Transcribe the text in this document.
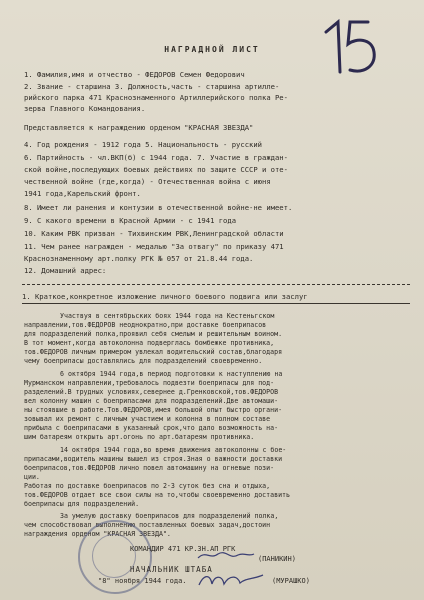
НАГРАДНОЙ ЛИСТ
1. Фамилия,имя и отчество - ФЕДОРОВ Семен Федорович
2. Звание - старшина 3. Должность,часть - старшина артилле-
рийского парка 471 Краснознаменного Артиллерийского полка Ре-
зерва Главного Командования.
Представляется к награждению орденом "КРАСНАЯ ЗВЕЗДА"
4. Год рождения - 1912 года 5. Национальность - русский
6. Партийность - чл.ВКП(б) с 1944 года. 7. Участие в граждан-
ской войне,последующих боевых действиях по защите СССР и оте-
чественной войне (где,когда) - Отечественная война с июня
1941 года,Карельский фронт.
8. Имеет ли ранения и контузии в отечественной войне-не имеет.
9. С какого времени в Красной Армии - с 1941 года
10. Каким РВК призван - Тихвинским РВК,Ленинградской области
11. Чем ранее награжден - медалью "За отвагу" по приказу 471
Краснознаменному арт.полку РГК № 057 от 21.8.44 года.
12. Домашний адрес:
1. Краткое,конкретное изложение личного боевого подвига или заслуг
Участвуя в сентябрьских боях 1944 года на Кестеньгском
направлении,тов.ФЕДОРОВ неоднократно,при доставке боеприпасов
для подразделений полка,проявил себя смелым и решительным воином.
В тот момент,когда автоколонна подверглась бомбежке противника,
тов.ФЕДОРОВ личным примером увлекал водительский состав,благодаря
чему боеприпасы доставлялись для подразделений своевременно.
6 октября 1944 года,в период подготовки к наступлению на
Мурманском направлении,требовалось подвезти боеприпасы для под-
разделений.В трудных условиях,севернее д.Гренковской,тов.ФЕДОРОВ
вел колонну машин с боеприпасами для подразделений.Две автомаши-
ны стоявшие в работе.Тов.ФЕДОРОВ,имея большой опыт быстро органи-
зовывал их ремонт с личным участием и колонна в полном составе
прибыла с боеприпасами в указанный срок,что дало возможность на-
шим батареям открыть арт.огонь по арт.батареям противника.
14 октября 1944 года,во время движения автоколонны с бое-
припасами,водитель машины вышел из строя.Зная о важности доставки
боеприпасов,тов.ФЕДОРОВ лично повел автомашину на огневые пози-
ции.
Работая по доставке боеприпасов по 2-3 суток без сна и отдыха,
тов.ФЕДОРОВ отдает все свои силы на то,чтобы своевременно доставить
боеприпасы для подразделений.
За умелую доставку боеприпасов для подразделений полка,
чем способствовал выполнению поставленных боевых задач,достоин
награждения орденом "КРАСНАЯ ЗВЕЗДА".
КОМАНДИР 471 КР.ЗН.АП РГК
(ПАНИКИН)
НАЧАЛЬНИК ШТАБА
(МУРАШКО)
"8" ноября 1944 года.
